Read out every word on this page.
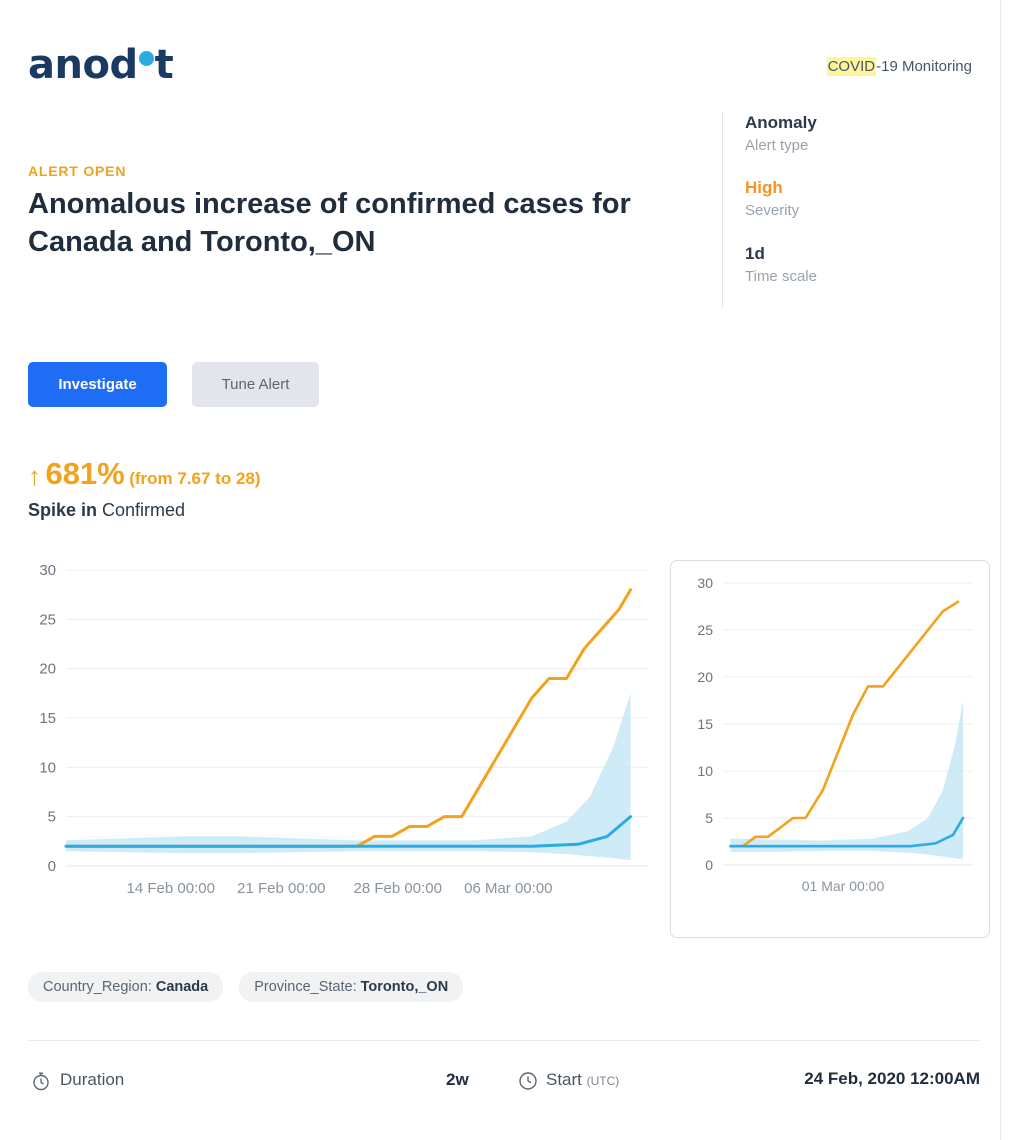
anod t	COVID-19 Monitoring
Anomaly
Alert type
High
Severity
1d
Time scale
ALERT OPEN
Anomalous increase of confirmed cases for Canada and Toronto,_ON
Investigate	Tune Alert
↑ 681% (from 7.67 to 28)
Spike in Confirmed
0
5
10
15
20
25
30
14 Feb 00:00 21 Feb 00:00 28 Feb 00:00 06 Mar 00:00
0
5
10
15
20
25
30
01 Mar 00:00
Country_Region: Canada	Province_State: Toronto,_ON
Duration	2w	Start (UTC)	24 Feb, 2020 12:00AM
